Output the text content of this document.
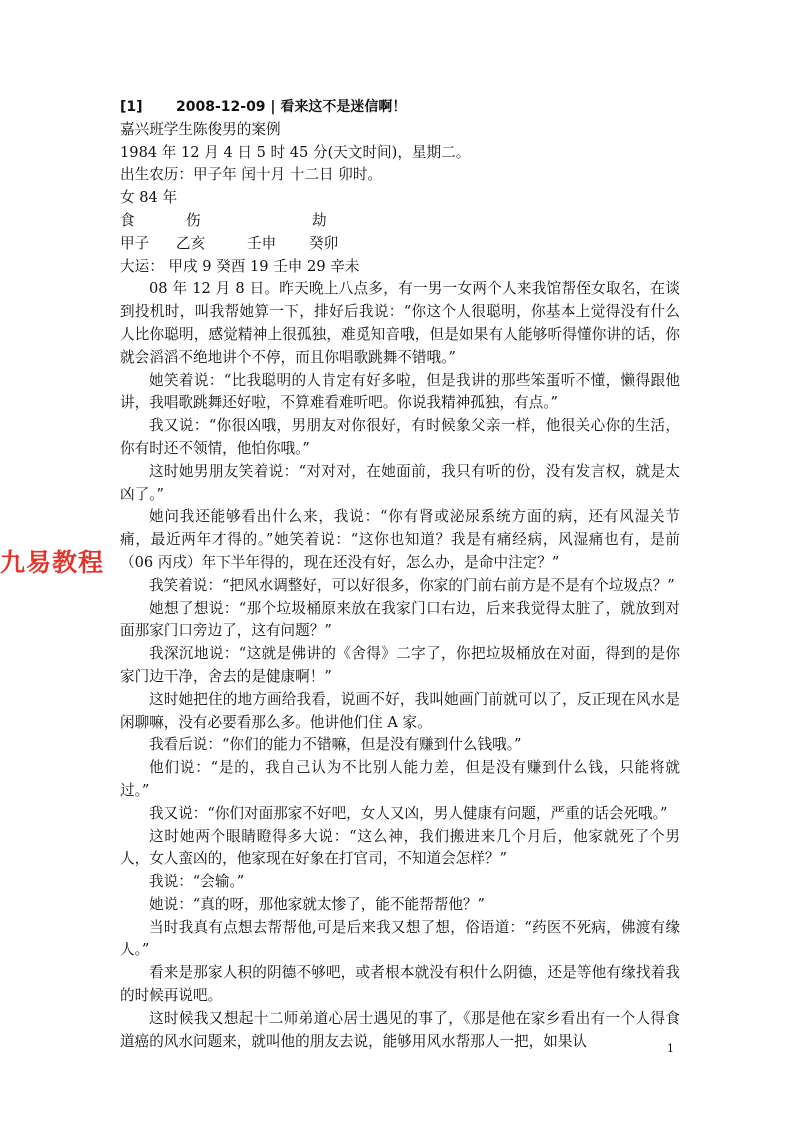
九易教程

[1] 2008-12-09 | 看来这不是迷信啊！

嘉兴班学生陈俊男的案例

1984 年 12 月 4 日 5 时 45 分(天文时间)，星期二。

出生农历：甲子年 闰十月 十二日 卯时。

女 84 年

食	伤	劫

甲子 乙亥	壬申 癸卯

大运： 甲戌 9 癸酉 19 壬申 29 辛未

08 年 12 月 8 日。昨天晚上八点多，有一男一女两个人来我馆帮侄女取名，在谈到投机时，叫我帮她算一下，排好后我说：“你这个人很聪明，你基本上觉得没有什么人比你聪明，感觉精神上很孤独，难觅知音哦，但是如果有人能够听得懂你讲的话，你就会滔滔不绝地讲个不停，而且你唱歌跳舞不错哦。”

她笑着说：“比我聪明的人肯定有好多啦，但是我讲的那些笨蛋听不懂，懒得跟他讲，我唱歌跳舞还好啦，不算难看难听吧。你说我精神孤独，有点。”

我又说：“你很凶哦，男朋友对你很好，有时候象父亲一样，他很关心你的生活，你有时还不领情，他怕你哦。”

这时她男朋友笑着说：“对对对，在她面前，我只有听的份，没有发言权，就是太凶了。”

她问我还能够看出什么来，我说：“你有肾或泌尿系统方面的病，还有风湿关节痛，最近两年才得的。”她笑着说：“这你也知道？我是有痛经病，风湿痛也有，是前（06 丙戌）年下半年得的，现在还没有好，怎么办，是命中注定？”

我笑着说：“把风水调整好，可以好很多，你家的门前右前方是不是有个垃圾点？”

她想了想说：“那个垃圾桶原来放在我家门口右边，后来我觉得太脏了，就放到对面那家门口旁边了，这有问题？”

我深沉地说：“这就是佛讲的《舍得》二字了，你把垃圾桶放在对面，得到的是你家门边干净，舍去的是健康啊！”

这时她把住的地方画给我看，说画不好，我叫她画门前就可以了，反正现在风水是闲聊嘛，没有必要看那么多。他讲他们住 A 家。

我看后说：“你们的能力不错嘛，但是没有赚到什么钱哦。”

他们说：“是的，我自己认为不比别人能力差，但是没有赚到什么钱，只能将就过。”

我又说：“你们对面那家不好吧，女人又凶，男人健康有问题，严重的话会死哦。”

这时她两个眼睛瞪得多大说：“这么神，我们搬进来几个月后，他家就死了个男人，女人蛮凶的，他家现在好象在打官司，不知道会怎样？”

我说：“会输。”

她说：“真的呀，那他家就太惨了，能不能帮帮他？”

当时我真有点想去帮帮他,可是后来我又想了想，俗语道：“药医不死病，佛渡有缘人。”

看来是那家人积的阴德不够吧，或者根本就没有积什么阴德，还是等他有缘找着我的时候再说吧。

这时候我又想起十二师弟道心居士遇见的事了，《那是他在家乡看出有一个人得食道癌的风水问题来，就叫他的朋友去说，能够用风水帮那人一把，如果认	1
